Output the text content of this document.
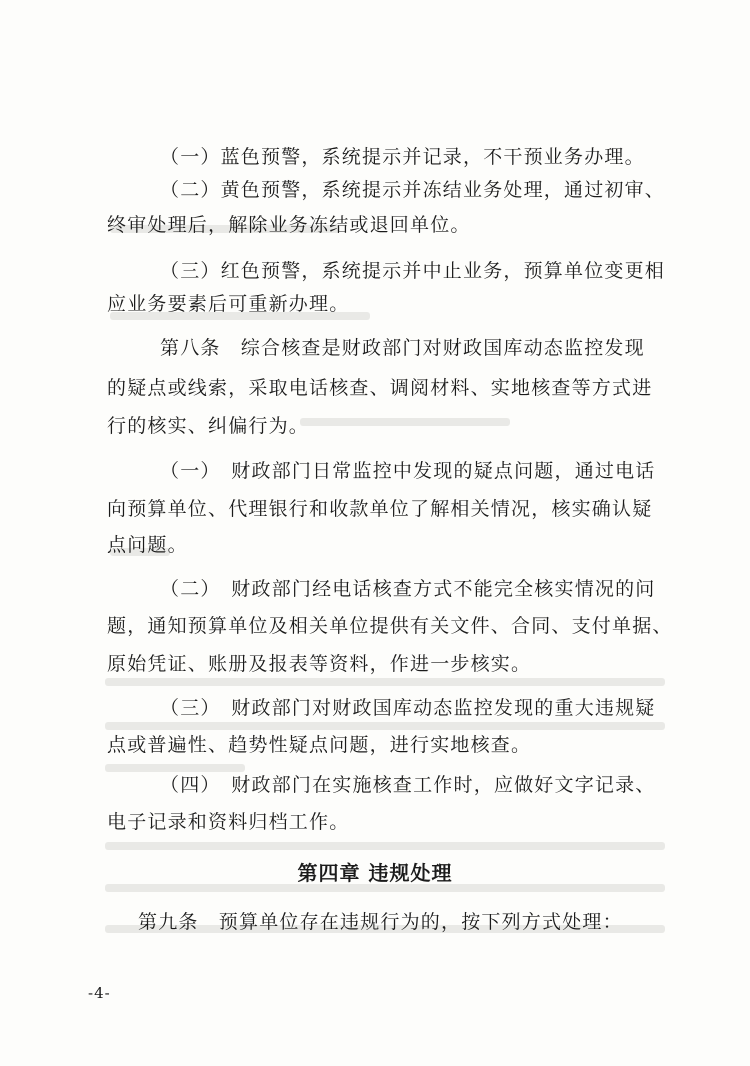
（一）蓝色预警，系统提示并记录，不干预业务办理。
（二）黄色预警，系统提示并冻结业务处理，通过初审、
终审处理后，解除业务冻结或退回单位。
（三）红色预警，系统提示并中止业务，预算单位变更相
应业务要素后可重新办理。
第八条　综合核查是财政部门对财政国库动态监控发现
的疑点或线索，采取电话核查、调阅材料、实地核查等方式进
行的核实、纠偏行为。
（一）　财政部门日常监控中发现的疑点问题，通过电话
向预算单位、代理银行和收款单位了解相关情况，核实确认疑
点问题。
（二）　财政部门经电话核查方式不能完全核实情况的问
题，通知预算单位及相关单位提供有关文件、合同、支付单据、
原始凭证、账册及报表等资料，作进一步核实。
（三）　财政部门对财政国库动态监控发现的重大违规疑
点或普遍性、趋势性疑点问题，进行实地核查。
（四）　财政部门在实施核查工作时，应做好文字记录、
电子记录和资料归档工作。
第四章 违规处理
第九条　预算单位存在违规行为的，按下列方式处理：
-4-
